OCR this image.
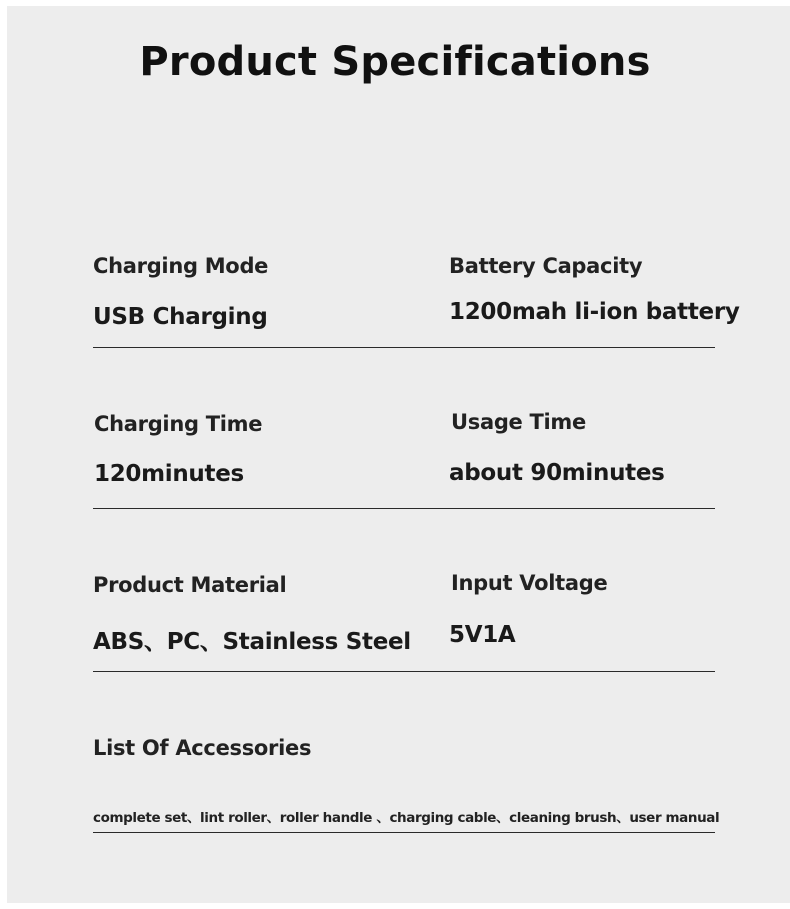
Product Specifications
Charging Mode
USB Charging
Battery Capacity
1200mah li-ion battery
Charging Time
120minutes
Usage Time
about 90minutes
Product Material
ABS、PC、Stainless Steel
Input Voltage
5V1A
List Of Accessories
complete set、lint roller、roller handle 、charging cable、cleaning brush、user manual
